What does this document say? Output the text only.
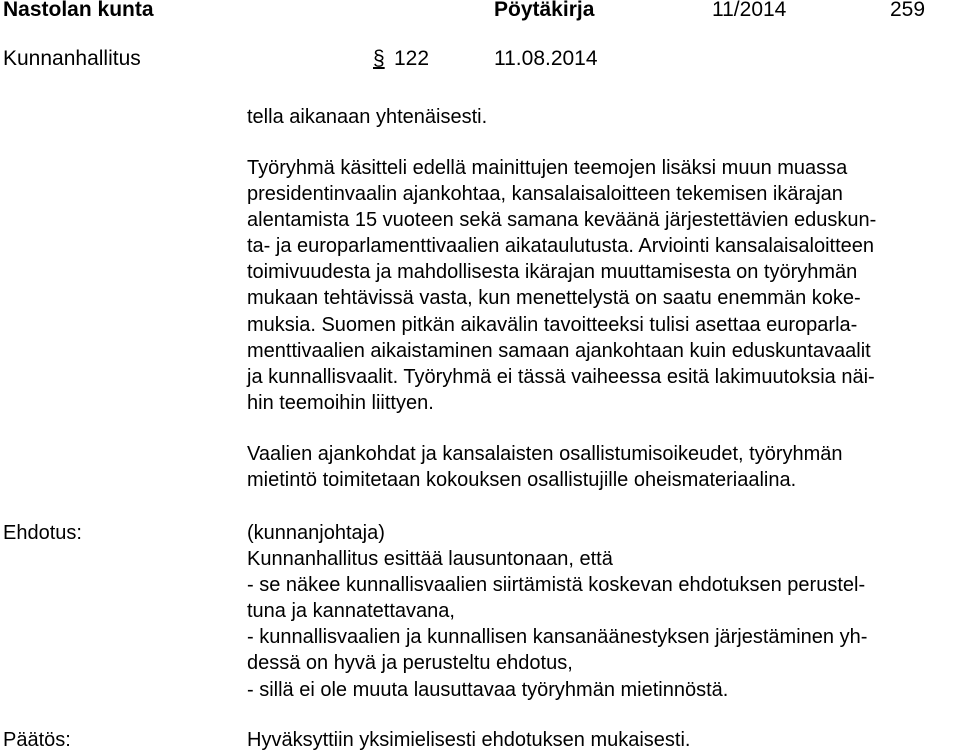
Nastolan kunta	Pöytäkirja	11/2014	259
Kunnanhallitus	§ 122	11.08.2014
tella aikanaan yhtenäisesti.
Työryhmä käsitteli edellä mainittujen teemojen lisäksi muun muassa
presidentinvaalin ajankohtaa, kansalaisaloitteen tekemisen ikärajan
alentamista 15 vuoteen sekä samana keväänä järjestettävien eduskun-
ta- ja europarlamenttivaalien aikataulutusta. Arviointi kansalaisaloitteen
toimivuudesta ja mahdollisesta ikärajan muuttamisesta on työryhmän
mukaan tehtävissä vasta, kun menettelystä on saatu enemmän koke-
muksia. Suomen pitkän aikavälin tavoitteeksi tulisi asettaa europarla-
menttivaalien aikaistaminen samaan ajankohtaan kuin eduskuntavaalit
ja kunnallisvaalit. Työryhmä ei tässä vaiheessa esitä lakimuutoksia näi-
hin teemoihin liittyen.
Vaalien ajankohdat ja kansalaisten osallistumisoikeudet, työryhmän
mietintö toimitetaan kokouksen osallistujille oheismateriaalina.
Ehdotus:	(kunnanjohtaja)
Kunnanhallitus esittää lausuntonaan, että
- se näkee kunnallisvaalien siirtämistä koskevan ehdotuksen perustel-
tuna ja kannatettavana,
- kunnallisvaalien ja kunnallisen kansanäänestyksen järjestäminen yh-
dessä on hyvä ja perusteltu ehdotus,
- sillä ei ole muuta lausuttavaa työryhmän mietinnöstä.
Päätös:	Hyväksyttiin yksimielisesti ehdotuksen mukaisesti.
